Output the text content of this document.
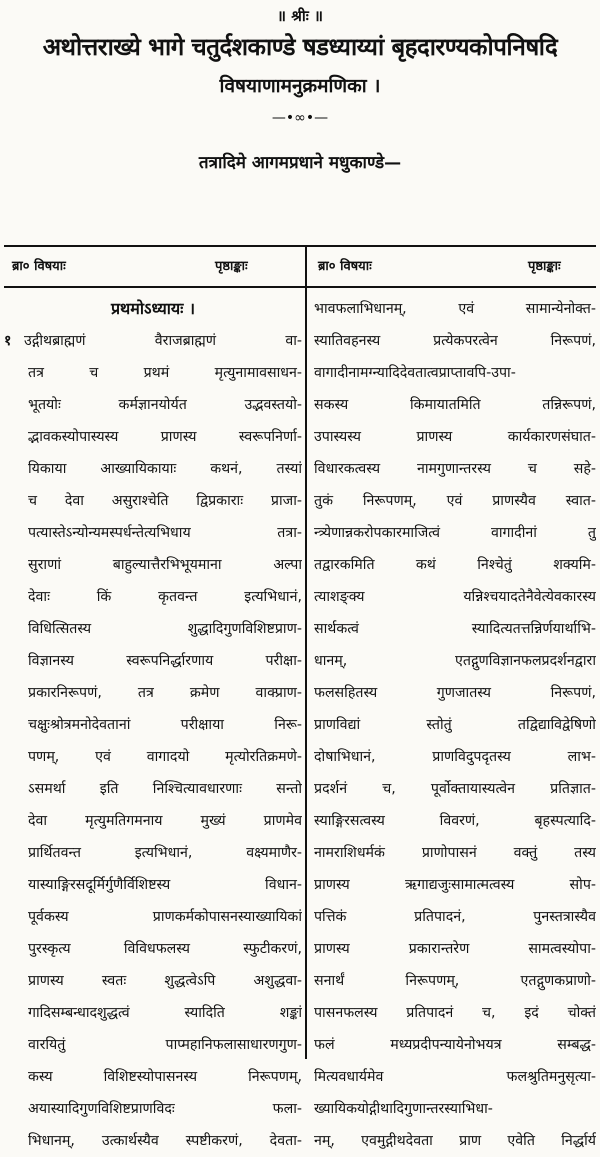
॥ श्रीः ॥
अथोत्तराख्ये भागे चतुर्दशकाण्डे षडध्याय्यां बृहदारण्यकोपनिषदि
विषयाणामनुक्रमणिका ।
—•∞•—
तत्रादिमे आगमप्रधाने मधुकाण्डे—
ब्रा० विषयाः	पृष्ठाङ्काः	ब्रा० विषयाः	पृष्ठाङ्काः
प्रथमोऽध्यायः ।
१ उद्गीथब्राह्मणं वैराजब्राह्मणं वा-
तत्र च प्रथमं मृत्युनामावसाधन-
भूतयोः कर्मज्ञानयोर्यत उद्भवस्तयो-
द्भावकस्योपास्यस्य प्राणस्य स्वरूपनिर्णा-
यिकाया आख्यायिकायाः कथनं, तस्यां
च देवा असुराश्चेति द्विप्रकाराः प्राजा-
पत्यास्तेऽन्योन्यमस्पर्धन्तेत्यभिधाय तत्रा-
सुराणां बाहुल्यात्तैरभिभूयमाना अल्पा
देवाः किं कृतवन्त इत्यभिधानं,
विधित्सितस्य शुद्धादिगुणविशिष्टप्राण-
विज्ञानस्य स्वरूपनिर्द्धारणाय परीक्षा-
प्रकारनिरूपणं, तत्र क्रमेण वाक्प्राण-
चक्षुःश्रोत्रमनोदेवतानां परीक्षाया निरू-
पणम्, एवं वागादयो मृत्योरतिक्रमणे-
ऽसमर्था इति निश्चित्यावधारणाः सन्तो
देवा मृत्युमतिगमनाय मुख्यं प्राणमेव
प्रार्थितवन्त इत्यभिधानं, वक्ष्यमाणैर-
यास्याङ्गिरसदूर्मिर्गुणैर्विशिष्टस्य विधान-
पूर्वकस्य प्राणकर्मकोपासनस्याख्यायिकां
पुरस्कृत्य विविधफलस्य स्फुटीकरणं,
प्राणस्य स्वतः शुद्धत्वेऽपि अशुद्धवा-
गादिसम्बन्धादशुद्धत्वं स्यादिति शङ्कां
वारयितुं पाप्महानिफलासाधारणगुण-
कस्य विशिष्टस्योपासनस्य निरूपणम्,
अयास्यादिगुणविशिष्टप्राणविदः फला-
भिधानम्, उत्कार्थस्यैव स्पष्टीकरणं, देवता-
भावफलाभिधानम्, एवं सामान्येनोक्त-
स्यातिवहनस्य प्रत्येकपरत्वेन निरूपणं,
वागादीनामग्न्यादिदेवतात्वप्राप्तावपि-उपा-
सकस्य किमायातमिति तन्निरूपणं,
उपास्यस्य प्राणस्य कार्यकारणसंघात-
विधारकत्वस्य नामगुणान्तरस्य च सहे-
तुकं निरूपणम्, एवं प्राणस्यैव स्वात-
न्त्र्येणान्नकरोपकारमाजित्वं वागादीनां तु
तद्वारकमिति कथं निश्चेतुं शक्यमि-
त्याशङ्क्य यन्निश्चयादतेनैवेत्येवकारस्य
सार्थकत्वं स्यादित्यतत्तन्निर्णयार्थाभि-
धानम्, एतद्गुणविज्ञानफलप्रदर्शनद्वारा
फलसहितस्य गुणजातस्य निरूपणं,
प्राणविद्यां स्तोतुं तद्विद्याविद्वेषिणो
दोषाभिधानं, प्राणविदुपदृतस्य लाभ-
प्रदर्शनं च, पूर्वोक्तायास्यत्वेन प्रतिज्ञात-
स्याङ्गिरसत्वस्य विवरणं, बृहस्पत्यादि-
नामराशिधर्मकं प्राणोपासनं वक्तुं तस्य
प्राणस्य ऋगाद्यजुःसामात्मत्वस्य सोप-
पत्तिकं प्रतिपादनं, पुनस्तत्रास्यैव
प्राणस्य प्रकारान्तरेण सामत्वस्योपा-
सनार्थं निरूपणम्, एतद्गुणकप्राणो-
पासनफलस्य प्रतिपादनं च, इदं चोक्तं
फलं मध्यप्रदीपन्यायेनोभयत्र सम्बद्ध-
मित्यवधार्यमेव फलश्रुतिमनुसृत्या-
ख्यायिकयोद्गीथादिगुणान्तरस्याभिधा-
नम्, एवमुद्गीथदेवता प्राण एवेति निर्द्धार्य
